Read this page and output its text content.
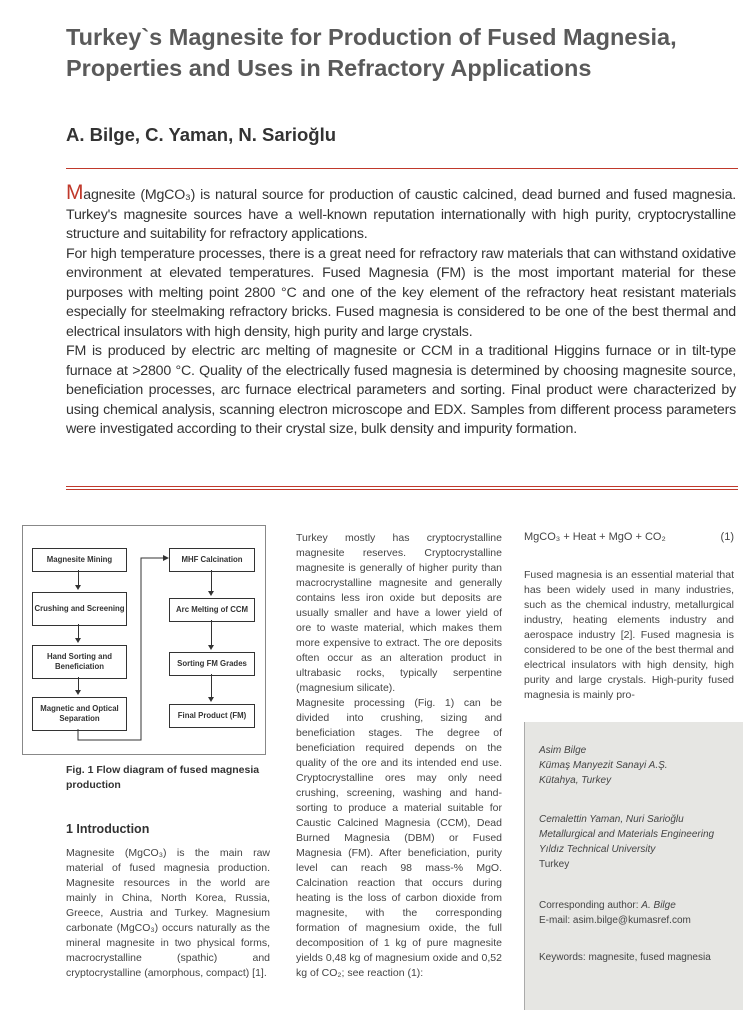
Turkey`s Magnesite for Production of Fused Magnesia,
Properties and Uses in Refractory Applications
A. Bilge, C. Yaman, N. Sarioğlu

Magnesite (MgCO₃) is natural source for production of caustic calcined, dead burned and fused magnesia. Turkey's magnesite sources have a well-known reputation internationally with high purity, cryptocrystalline structure and suitability for refractory applications.

For high temperature processes, there is a great need for refractory raw materials that can withstand oxidative environment at elevated temperatures. Fused Magnesia (FM) is the most important material for these purposes with melting point 2800 °C and one of the key element of the refractory heat resistant materials especially for steelmaking refractory bricks. Fused magnesia is considered to be one of the best thermal and electrical insulators with high density, high purity and large crystals.

FM is produced by electric arc melting of magnesite or CCM in a traditional Higgins furnace or in tilt-type furnace at >2800 °C. Quality of the electrically fused magnesia is determined by choosing magnesite source, beneficiation processes, arc furnace electrical parameters and sorting. Final product were characterized by using chemical analysis, scanning electron microscope and EDX. Samples from different process parameters were investigated according to their crystal size, bulk density and impurity formation.

Magnesite Mining
Crushing and Screening
Hand Sorting and Beneficiation
Magnetic and Optical Separation
MHF Calcination
Arc Melting of CCM
Sorting FM Grades
Final Product (FM)
Fig. 1 Flow diagram of fused magnesia production
1 Introduction

Magnesite (MgCO₃) is the main raw material of fused magnesia production. Magnesite resources in the world are mainly in China, North Korea, Russia, Greece, Austria and Turkey. Magnesium carbonate (MgCO₃) occurs naturally as the mineral magnesite in two physical forms, macrocrystalline (spathic) and cryptocrystalline (amorphous, compact) [1].

Turkey mostly has cryptocrystalline magnesite reserves. Cryptocrystalline magnesite is generally of higher purity than macrocrystalline magnesite and generally contains less iron oxide but deposits are usually smaller and have a lower yield of ore to waste material, which makes them more expensive to extract. The ore deposits often occur as an alteration product in ultrabasic rocks, typically serpentine (magnesium silicate).

Magnesite processing (Fig. 1) can be divided into crushing, sizing and beneficiation stages. The degree of beneficiation required depends on the quality of the ore and its intended end use. Cryptocrystalline ores may only need crushing, screening, washing and hand-sorting to produce a material suitable for Caustic Calcined Magnesia (CCM), Dead Burned Magnesia (DBM) or Fused Magnesia (FM). After beneficiation, purity level can reach 98 mass-% MgO. Calcination reaction that occurs during heating is the loss of carbon dioxide from magnesite, with the corresponding formation of magnesium oxide, the full decomposition of 1 kg of pure magnesite yields 0,48 kg of magnesium oxide and 0,52 kg of CO₂; see reaction (1):

MgCO₃ + Heat + MgO + CO₂	(1)

Fused magnesia is an essential material that has been widely used in many industries, such as the chemical industry, metallurgical industry, heating elements industry and aerospace industry [2]. Fused magnesia is considered to be one of the best thermal and electrical insulators with high density, high purity and large crystals. High-purity fused magnesia is mainly pro-

Asim Bilge
Kümaş Manyezit Sanayi A.Ş.
Kütahya, Turkey
Cemalettin Yaman, Nuri Sarioğlu
Metallurgical and Materials Engineering
Yıldız Technical University
Turkey
Corresponding author: A. Bilge
E-mail: asim.bilge@kumasref.com
Keywords: magnesite, fused magnesia
